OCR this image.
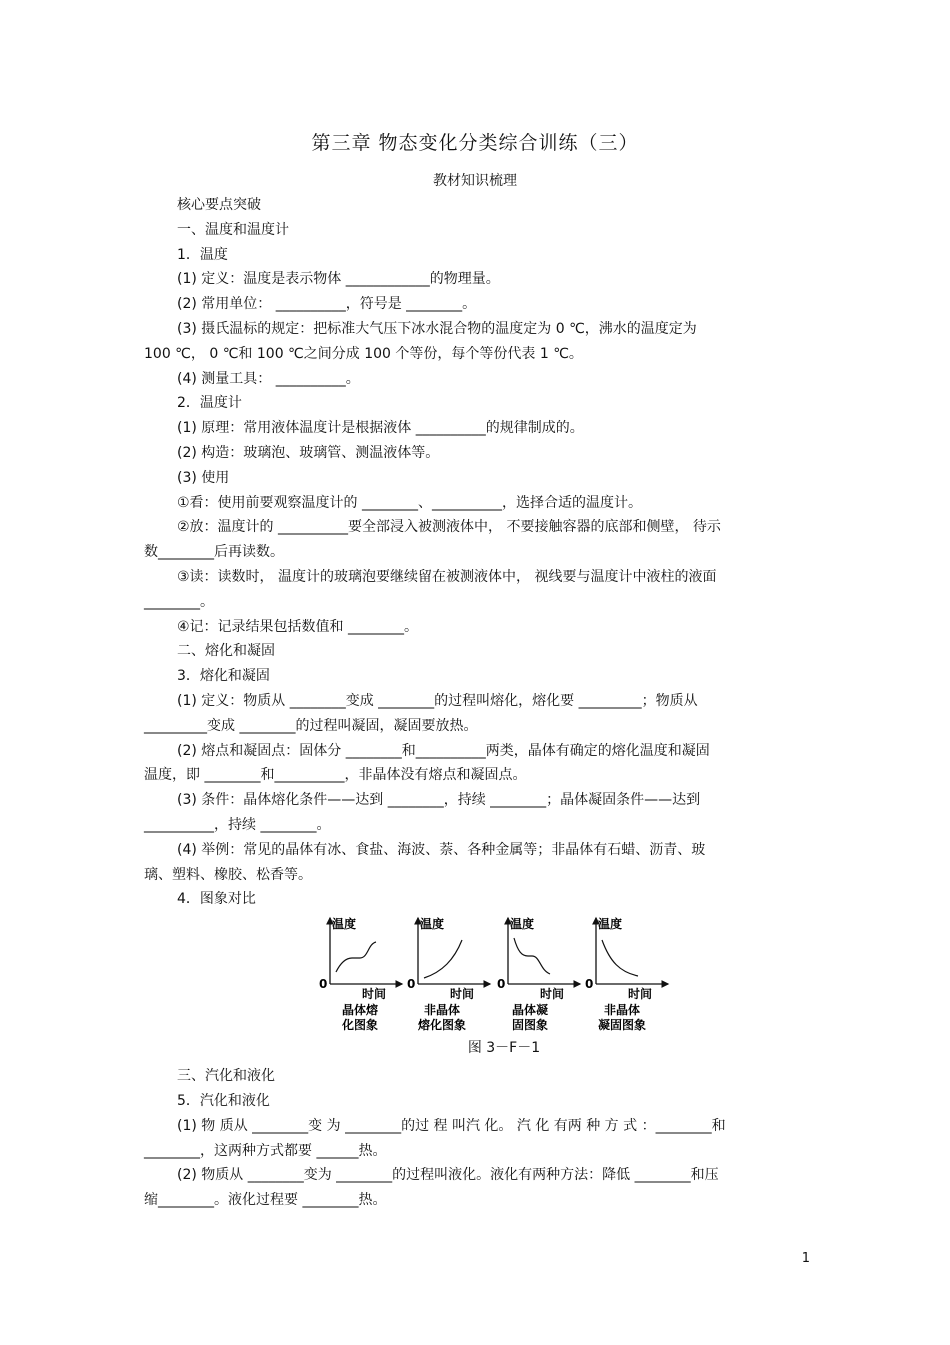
第三章 物态变化分类综合训练（三）
教材知识梳理

核心要点突破

一、温度和温度计

1．温度

(1) 定义：温度是表示物体 ____________的物理量。

(2) 常用单位： __________，符号是 ________。

(3) 摄氏温标的规定：把标准大气压下冰水混合物的温度定为 0 ℃，沸水的温度定为

100 ℃， 0 ℃和 100 ℃之间分成 100 个等份，每个等份代表 1 ℃。

(4) 测量工具： __________。

2．温度计

(1) 原理：常用液体温度计是根据液体 __________的规律制成的。

(2) 构造：玻璃泡、玻璃管、测温液体等。

(3) 使用

①看：使用前要观察温度计的 ________、__________，选择合适的温度计。

②放：温度计的 __________要全部浸入被测液体中， 不要接触容器的底部和侧壁， 待示

数________后再读数。

③读：读数时， 温度计的玻璃泡要继续留在被测液体中， 视线要与温度计中液柱的液面

________。

④记：记录结果包括数值和 ________。

二、熔化和凝固

3．熔化和凝固

(1) 定义：物质从 ________变成 ________的过程叫熔化，熔化要 _________；物质从

_________变成 ________的过程叫凝固，凝固要放热。

(2) 熔点和凝固点：固体分 ________和__________两类，晶体有确定的熔化温度和凝固

温度，即 ________和__________，非晶体没有熔点和凝固点。

(3) 条件：晶体熔化条件——达到 ________，持续 ________；晶体凝固条件——达到

__________，持续 ________。

(4) 举例：常见的晶体有冰、食盐、海波、萘、各种金属等；非晶体有石蜡、沥青、玻

璃、塑料、橡胶、松香等。

4．图象对比

温度
0
时间
晶体熔
化图象
温度
0
时间
非晶体
熔化图象
温度
0
时间
晶体凝
固图象
温度
0
时间
非晶体
凝固图象
图 3－F－1

三、汽化和液化

5．汽化和液化

(1) 物 质从 ________变 为 ________的过 程 叫汽 化。 汽 化 有两 种 方 式 ：________和

________，这两种方式都要 ______热。

(2) 物质从 ________变为 ________的过程叫液化。液化有两种方法：降低 ________和压

缩________。液化过程要 ________热。

1
